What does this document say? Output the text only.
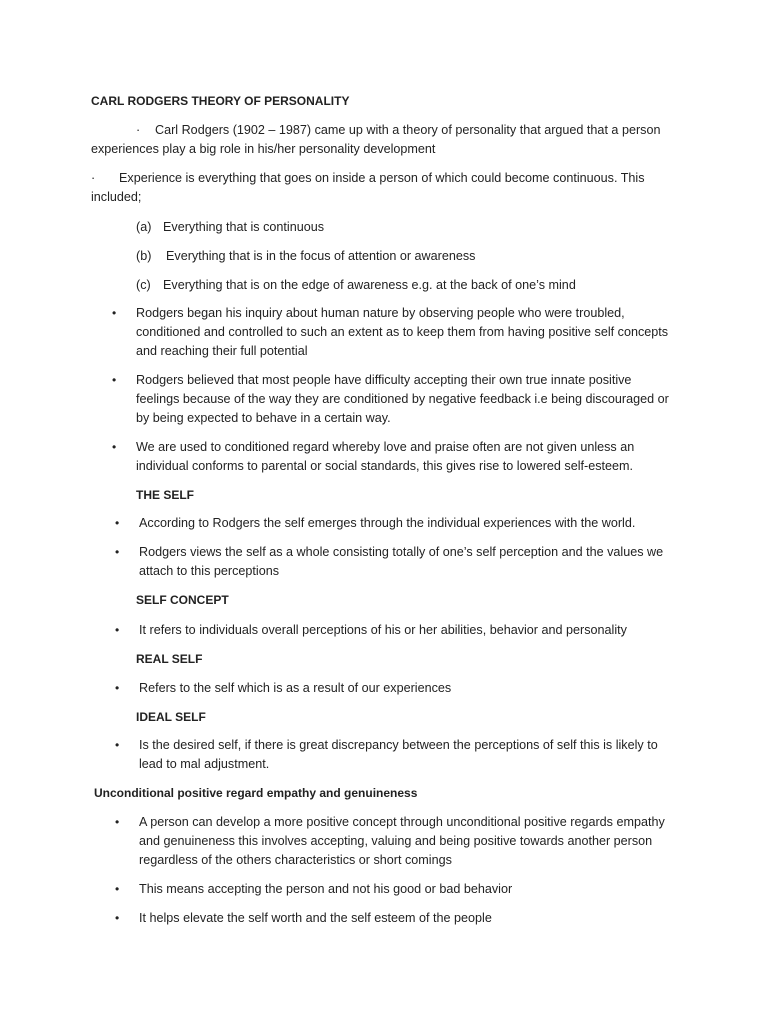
CARL RODGERS THEORY OF PERSONALITY
· Carl Rodgers (1902 – 1987) came up with a theory of personality that argued that a person
experiences play a big role in his/her personality development
· Experience is everything that goes on inside a person of which could become continuous. This
included;
(a) Everything that is continuous
(b) Everything that is in the focus of attention or awareness
(c) Everything that is on the edge of awareness e.g. at the back of one’s mind
• Rodgers began his inquiry about human nature by observing people who were troubled,
conditioned and controlled to such an extent as to keep them from having positive self concepts
and reaching their full potential
• Rodgers believed that most people have difficulty accepting their own true innate positive
feelings because of the way they are conditioned by negative feedback i.e being discouraged or
by being expected to behave in a certain way.
• We are used to conditioned regard whereby love and praise often are not given unless an
individual conforms to parental or social standards, this gives rise to lowered self-esteem.
THE SELF
• According to Rodgers the self emerges through the individual experiences with the world.
• Rodgers views the self as a whole consisting totally of one’s self perception and the values we
attach to this perceptions
SELF CONCEPT
• It refers to individuals overall perceptions of his or her abilities, behavior and personality
REAL SELF
• Refers to the self which is as a result of our experiences
IDEAL SELF
• Is the desired self, if there is great discrepancy between the perceptions of self this is likely to
lead to mal adjustment.
Unconditional positive regard empathy and genuineness
• A person can develop a more positive concept through unconditional positive regards empathy
and genuineness this involves accepting, valuing and being positive towards another person
regardless of the others characteristics or short comings
• This means accepting the person and not his good or bad behavior
• It helps elevate the self worth and the self esteem of the people
